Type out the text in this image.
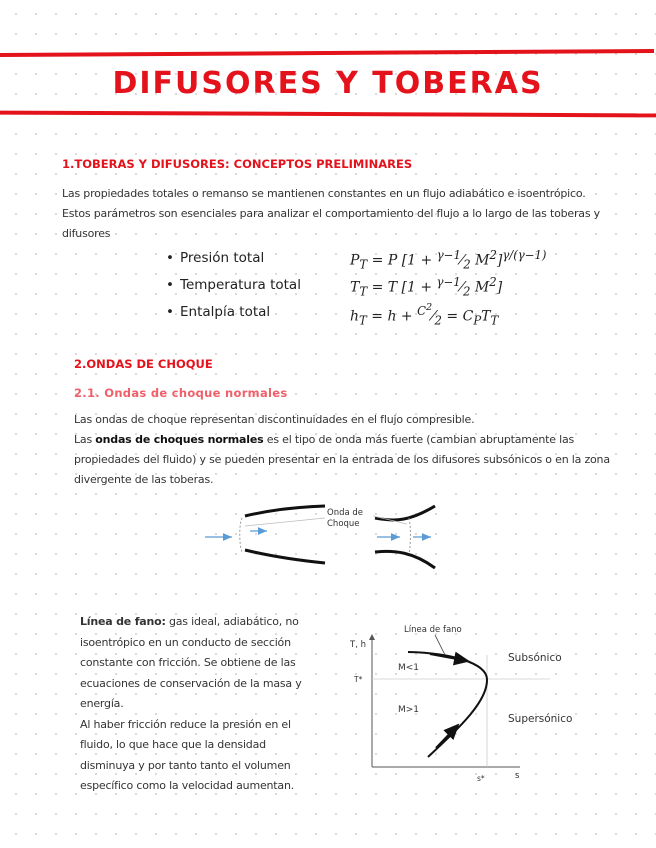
DIFUSORES Y TOBERAS
1.TOBERAS Y DIFUSORES: CONCEPTOS PRELIMINARES

Las propiedades totales o remanso se mantienen constantes en un flujo adiabático e isoentrópico. Estos parámetros son esenciales para analizar el comportamiento del flujo a lo largo de las toberas y difusores

• Presión total	$P_T = P$ [$1 + ^{\gamma-1}⁄_2$ $M^2]^{\gamma/(\gamma-1)}$
• Temperatura total	$T_T = T$ [$1 + ^{\gamma-1}⁄_2$ $M^2$]
• Entalpía total	$h_T = h$ + $^{C^2}⁄_2 = C_PT_T$
2.ONDAS DE CHOQUE
2.1. Ondas de choque normales

Las ondas de choque representan discontinuidades en el flujo compresible.
Las ondas de choques normales es el tipo de onda más fuerte (cambian abruptamente las propiedades del fluido) y se pueden presentar en la entrada de los difusores subsónicos o en la zona divergente de las toberas.

Onda de
Choque

Línea de fano: gas ideal, adiabático, no isoentrópico en un conducto de sección constante con fricción. Se obtiene de las ecuaciones de conservación de la masa y energía.
Al haber fricción reduce la presión en el fluido, lo que hace que la densidad disminuya y por tanto tanto el volumen específico como la velocidad aumentan.

Línea de fano
T, h
T*
s*	s
M<1
M>1
Subsónico
Supersónico
